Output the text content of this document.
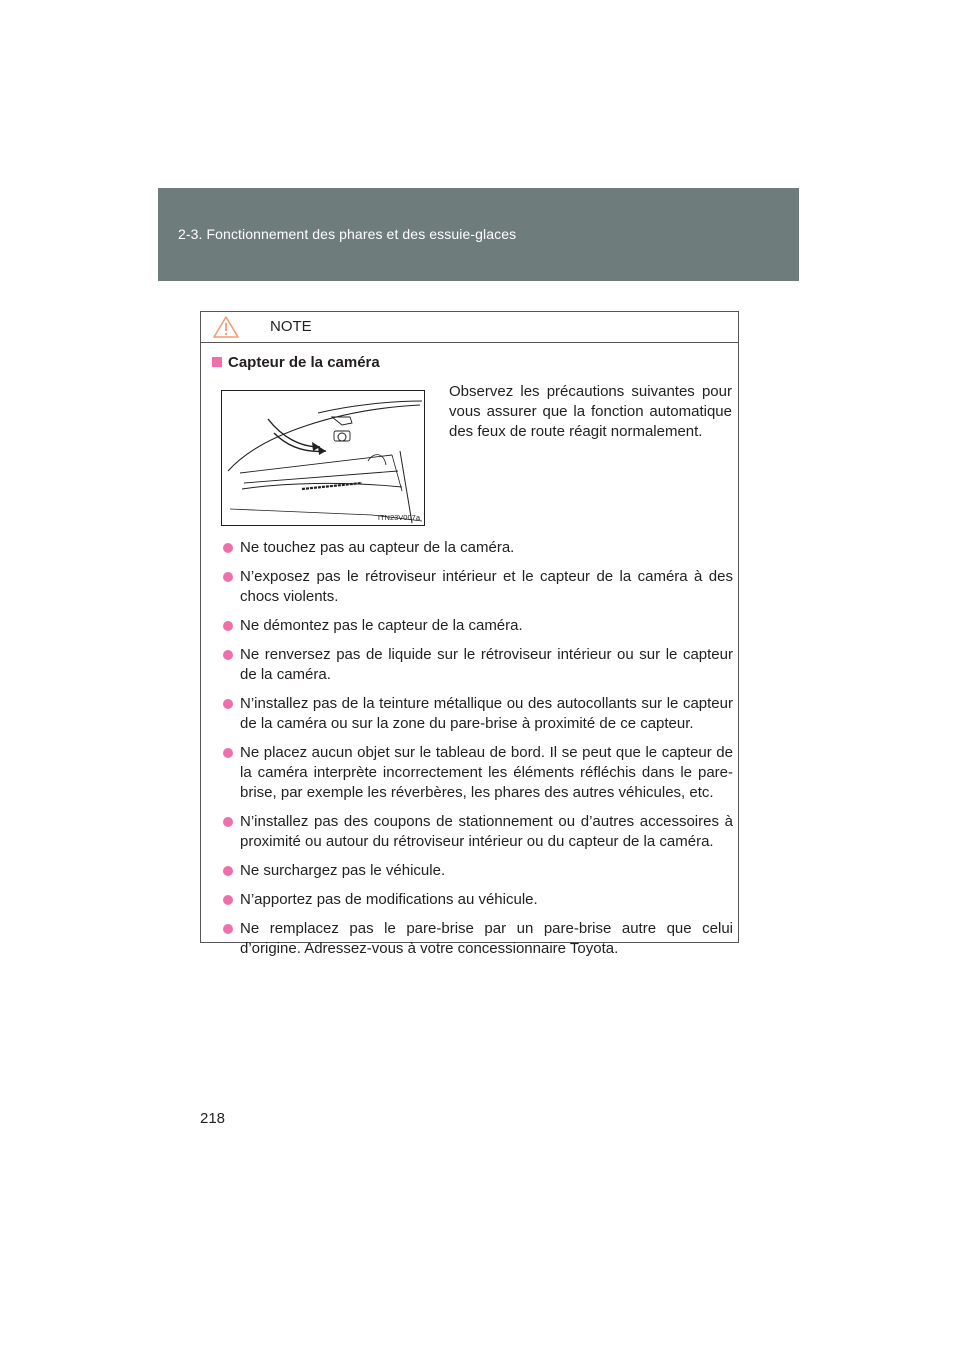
2-3. Fonctionnement des phares et des essuie-glaces
NOTE
Capteur de la caméra
ITN23V007a
Observez les précautions suivantes pour vous assurer que la fonction automatique des feux de route réagit normalement.
Ne touchez pas au capteur de la caméra.
N’exposez pas le rétroviseur intérieur et le capteur de la caméra à des chocs violents.
Ne démontez pas le capteur de la caméra.
Ne renversez pas de liquide sur le rétroviseur intérieur ou sur le capteur de la caméra.
N’installez pas de la teinture métallique ou des autocollants sur le capteur de la caméra ou sur la zone du pare-brise à proximité de ce capteur.
Ne placez aucun objet sur le tableau de bord. Il se peut que le capteur de la caméra interprète incorrectement les éléments réfléchis dans le pare-brise, par exemple les réverbères, les phares des autres véhicules, etc.
N’installez pas des coupons de stationnement ou d’autres accessoires à proximité ou autour du rétroviseur intérieur ou du capteur de la caméra.
Ne surchargez pas le véhicule.
N’apportez pas de modifications au véhicule.
Ne remplacez pas le pare-brise par un pare-brise autre que celui d’origine. Adressez-vous à votre concessionnaire Toyota.
218
